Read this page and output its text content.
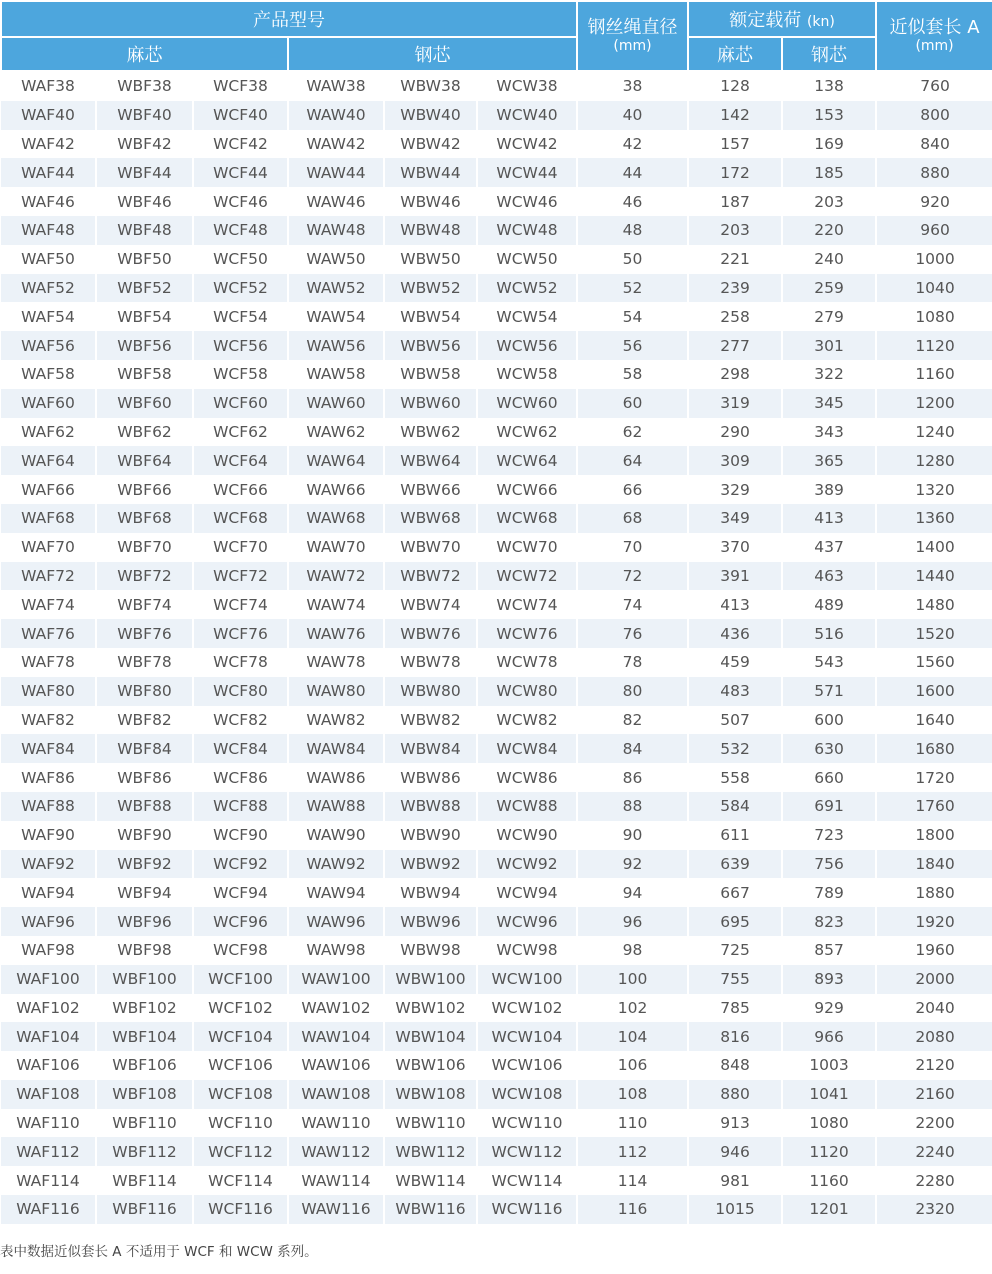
产品型号						钢丝绳直径
(mm)	额定载荷 (kn)		近似套长 A
(mm)

麻芯			钢芯				麻芯	钢芯	
WAF38	WBF38	WCF38	WAW38	WBW38	WCW38	38	128	138	760
WAF40	WBF40	WCF40	WAW40	WBW40	WCW40	40	142	153	800
WAF42	WBF42	WCF42	WAW42	WBW42	WCW42	42	157	169	840
WAF44	WBF44	WCF44	WAW44	WBW44	WCW44	44	172	185	880
WAF46	WBF46	WCF46	WAW46	WBW46	WCW46	46	187	203	920
WAF48	WBF48	WCF48	WAW48	WBW48	WCW48	48	203	220	960
WAF50	WBF50	WCF50	WAW50	WBW50	WCW50	50	221	240	1000
WAF52	WBF52	WCF52	WAW52	WBW52	WCW52	52	239	259	1040
WAF54	WBF54	WCF54	WAW54	WBW54	WCW54	54	258	279	1080
WAF56	WBF56	WCF56	WAW56	WBW56	WCW56	56	277	301	1120
WAF58	WBF58	WCF58	WAW58	WBW58	WCW58	58	298	322	1160
WAF60	WBF60	WCF60	WAW60	WBW60	WCW60	60	319	345	1200
WAF62	WBF62	WCF62	WAW62	WBW62	WCW62	62	290	343	1240
WAF64	WBF64	WCF64	WAW64	WBW64	WCW64	64	309	365	1280
WAF66	WBF66	WCF66	WAW66	WBW66	WCW66	66	329	389	1320
WAF68	WBF68	WCF68	WAW68	WBW68	WCW68	68	349	413	1360
WAF70	WBF70	WCF70	WAW70	WBW70	WCW70	70	370	437	1400
WAF72	WBF72	WCF72	WAW72	WBW72	WCW72	72	391	463	1440
WAF74	WBF74	WCF74	WAW74	WBW74	WCW74	74	413	489	1480
WAF76	WBF76	WCF76	WAW76	WBW76	WCW76	76	436	516	1520
WAF78	WBF78	WCF78	WAW78	WBW78	WCW78	78	459	543	1560
WAF80	WBF80	WCF80	WAW80	WBW80	WCW80	80	483	571	1600
WAF82	WBF82	WCF82	WAW82	WBW82	WCW82	82	507	600	1640
WAF84	WBF84	WCF84	WAW84	WBW84	WCW84	84	532	630	1680
WAF86	WBF86	WCF86	WAW86	WBW86	WCW86	86	558	660	1720
WAF88	WBF88	WCF88	WAW88	WBW88	WCW88	88	584	691	1760
WAF90	WBF90	WCF90	WAW90	WBW90	WCW90	90	611	723	1800
WAF92	WBF92	WCF92	WAW92	WBW92	WCW92	92	639	756	1840
WAF94	WBF94	WCF94	WAW94	WBW94	WCW94	94	667	789	1880
WAF96	WBF96	WCF96	WAW96	WBW96	WCW96	96	695	823	1920
WAF98	WBF98	WCF98	WAW98	WBW98	WCW98	98	725	857	1960
WAF100	WBF100	WCF100	WAW100	WBW100	WCW100	100	755	893	2000
WAF102	WBF102	WCF102	WAW102	WBW102	WCW102	102	785	929	2040
WAF104	WBF104	WCF104	WAW104	WBW104	WCW104	104	816	966	2080
WAF106	WBF106	WCF106	WAW106	WBW106	WCW106	106	848	1003	2120
WAF108	WBF108	WCF108	WAW108	WBW108	WCW108	108	880	1041	2160
WAF110	WBF110	WCF110	WAW110	WBW110	WCW110	110	913	1080	2200
WAF112	WBF112	WCF112	WAW112	WBW112	WCW112	112	946	1120	2240
WAF114	WBF114	WCF114	WAW114	WBW114	WCW114	114	981	1160	2280
WAF116	WBF116	WCF116	WAW116	WBW116	WCW116	116	1015	1201	2320
表中数据近似套长 A 不适用于 WCF 和 WCW 系列。
